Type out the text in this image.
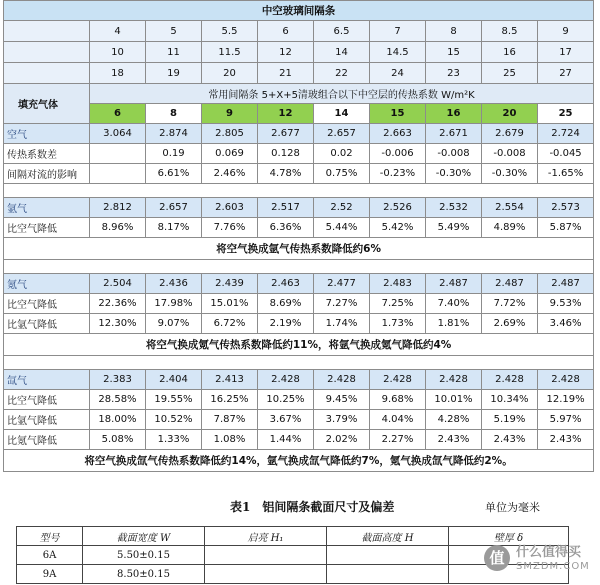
中空玻璃间隔条									
	4	5	5.5	6	6.5	7	8	8.5	9
	10	11	11.5	12	14	14.5	15	16	17
	18	19	20	21	22	24	23	25	27
填充气体	常用间隔条 5+X+5清玻组合以下中空层的传热系数 W/m²K								
	6	8	9	12	14	15	16	20	25
空气	3.064	2.874	2.805	2.677	2.657	2.663	2.671	2.679	2.724
传热系数差		0.19	0.069	0.128	0.02	-0.006	-0.008	-0.008	-0.045
间隔对流的影响		6.61%	2.46%	4.78%	0.75%	-0.23%	-0.30%	-0.30%	-1.65%

氩气	2.812	2.657	2.603	2.517	2.52	2.526	2.532	2.554	2.573
比空气降低	8.96%	8.17%	7.76%	6.36%	5.44%	5.42%	5.49%	4.89%	5.87%
将空气换成氩气传热系数降低约6%									

氪气	2.504	2.436	2.439	2.463	2.477	2.483	2.487	2.487	2.487
比空气降低	22.36%	17.98%	15.01%	8.69%	7.27%	7.25%	7.40%	7.72%	9.53%
比氩气降低	12.30%	9.07%	6.72%	2.19%	1.74%	1.73%	1.81%	2.69%	3.46%
将空气换成氪气传热系数降低约11%，将氩气换成氪气降低约4%									

氙气	2.383	2.404	2.413	2.428	2.428	2.428	2.428	2.428	2.428
比空气降低	28.58%	19.55%	16.25%	10.25%	9.45%	9.68%	10.01%	10.34%	12.19%
比氩气降低	18.00%	10.52%	7.87%	3.67%	3.79%	4.04%	4.28%	5.19%	5.97%
比氪气降低	5.08%	1.33%	1.08%	1.44%	2.02%	2.27%	2.43%	2.43%	2.43%
将空气换成氙气传热系数降低约14%，氩气换成氙气降低约7%，氪气换成氙气降低约2%。									
表1　铝间隔条截面尺寸及偏差	单位为毫米
型号	截面宽度 W	启亮 H₁	截面高度 H	壁厚 δ
6A	5.50±0.15			
9A	8.50±0.15			
值 什么值得买
SMZDM.COM
